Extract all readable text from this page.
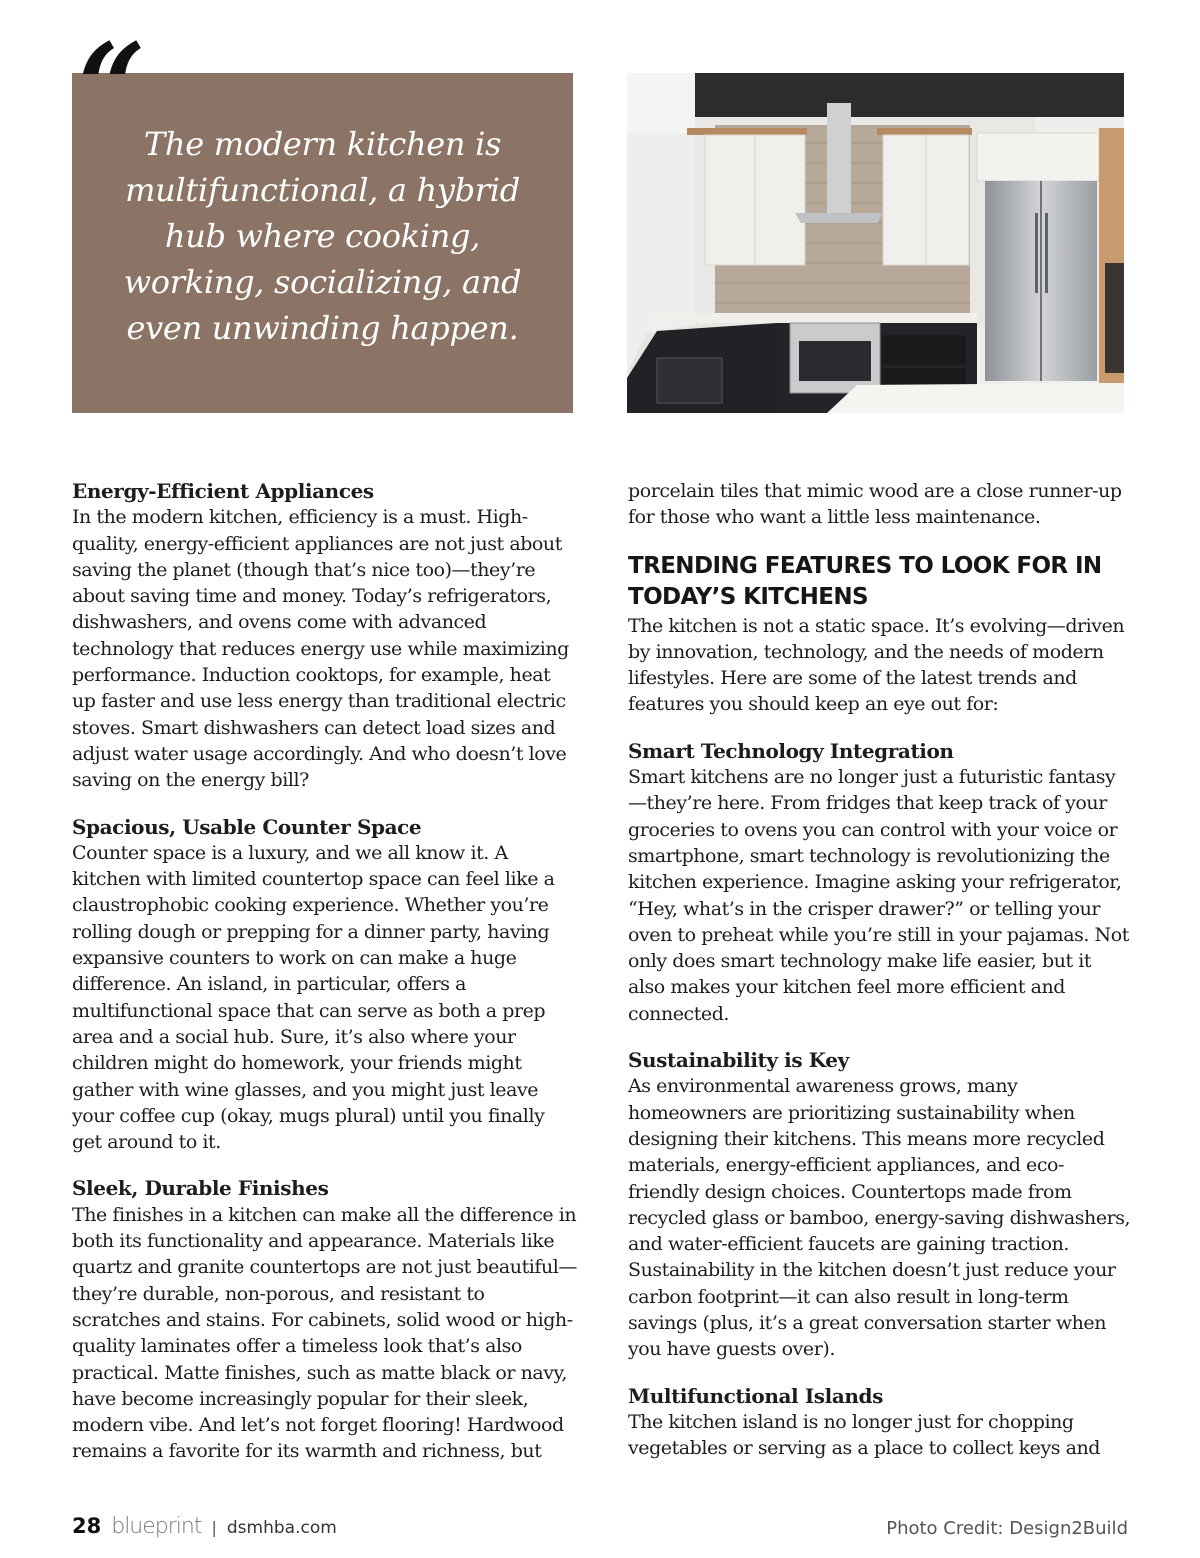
The modern kitchen is multifunctional, a hybrid hub where cooking, working, socializing, and even unwinding happen.
“

Energy-Efficient Appliances

In the modern kitchen, efficiency is a must. High-quality, energy-efficient appliances are not just about saving the planet (though that’s nice too)—they’re about saving time and money. Today’s refrigerators, dishwashers, and ovens come with advanced technology that reduces energy use while maximizing performance. Induction cooktops, for example, heat up faster and use less energy than traditional electric stoves. Smart dishwashers can detect load sizes and adjust water usage accordingly. And who doesn’t love saving on the energy bill?

Spacious, Usable Counter Space

Counter space is a luxury, and we all know it. A kitchen with limited countertop space can feel like a claustrophobic cooking experience. Whether you’re rolling dough or prepping for a dinner party, having expansive counters to work on can make a huge difference. An island, in particular, offers a multifunctional space that can serve as both a prep area and a social hub. Sure, it’s also where your children might do homework, your friends might gather with wine glasses, and you might just leave your coffee cup (okay, mugs plural) until you finally get around to it.

Sleek, Durable Finishes

The finishes in a kitchen can make all the difference in both its functionality and appearance. Materials like quartz and granite countertops are not just beautiful—they’re durable, non-porous, and resistant to scratches and stains. For cabinets, solid wood or high-quality laminates offer a timeless look that’s also practical. Matte finishes, such as matte black or navy, have become increasingly popular for their sleek, modern vibe. And let’s not forget flooring! Hardwood remains a favorite for its warmth and richness, but

porcelain tiles that mimic wood are a close runner-up for those who want a little less maintenance.

TRENDING FEATURES TO LOOK FOR IN TODAY’S KITCHENS

The kitchen is not a static space. It’s evolving—driven by innovation, technology, and the needs of modern lifestyles. Here are some of the latest trends and features you should keep an eye out for:

Smart Technology Integration

Smart kitchens are no longer just a futuristic fantasy—they’re here. From fridges that keep track of your groceries to ovens you can control with your voice or smartphone, smart technology is revolutionizing the kitchen experience. Imagine asking your refrigerator, “Hey, what’s in the crisper drawer?” or telling your oven to preheat while you’re still in your pajamas. Not only does smart technology make life easier, but it also makes your kitchen feel more efficient and connected.

Sustainability is Key

As environmental awareness grows, many homeowners are prioritizing sustainability when designing their kitchens. This means more recycled materials, energy-efficient appliances, and eco-friendly design choices. Countertops made from recycled glass or bamboo, energy-saving dishwashers, and water-efficient faucets are gaining traction. Sustainability in the kitchen doesn’t just reduce your carbon footprint—it can also result in long-term savings (plus, it’s a great conversation starter when you have guests over).

Multifunctional Islands

The kitchen island is no longer just for chopping vegetables or serving as a place to collect keys and

28 blueprint | dsmhba.com	Photo Credit: Design2Build
